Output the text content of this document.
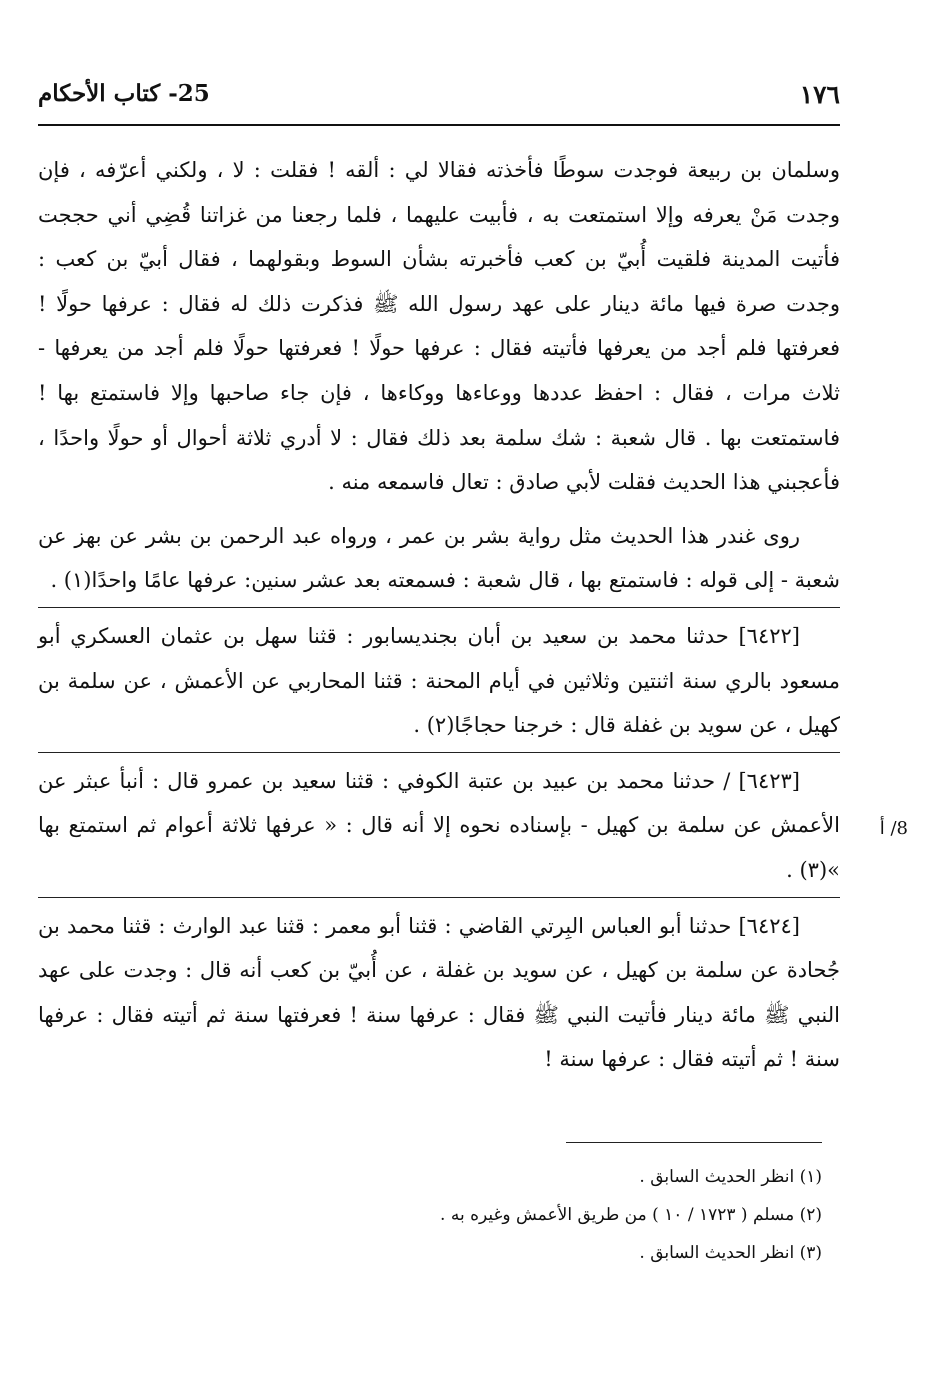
١٧٦
25- كتاب الأحكام

وسلمان بن ربيعة فوجدت سوطًا فأخذته فقالا لي : ألقه ! فقلت : لا ، ولكني أعرّفه ، فإن وجدت مَنْ يعرفه وإلا استمتعت به ، فأبيت عليهما ، فلما رجعنا من غزاتنا قُضِي أني حججت فأتيت المدينة فلقيت أُبيّ بن كعب فأخبرته بشأن السوط وبقولهما ، فقال أبيّ بن كعب : وجدت صرة فيها مائة دينار على عهد رسول الله ﷺ فذكرت ذلك له فقال : عرفها حولًا ! فعرفتها فلم أجد من يعرفها فأتيته فقال : عرفها حولًا ! فعرفتها حولًا فلم أجد من يعرفها - ثلاث مرات ، فقال : احفظ عددها ووعاءها ووكاءها ، فإن جاء صاحبها وإلا فاستمتع بها ! فاستمتعت بها . قال شعبة : شك سلمة بعد ذلك فقال : لا أدري ثلاثة أحوال أو حولًا واحدًا ، فأعجبني هذا الحديث فقلت لأبي صادق : تعال فاسمعه منه .

روى غندر هذا الحديث مثل رواية بشر بن عمر ، ورواه عبد الرحمن بن بشر عن بهز عن شعبة - إلى قوله : فاستمتع بها ، قال شعبة : فسمعته بعد عشر سنين: عرفها عامًا واحدًا(١) .

[٦٤٢٢] حدثنا محمد بن سعيد بن أبان بجنديسابور : قثنا سهل بن عثمان العسكري أبو مسعود بالري سنة اثنتين وثلاثين في أيام المحنة : قثنا المحاربي عن الأعمش ، عن سلمة بن كهيل ، عن سويد بن غفلة قال : خرجنا حجاجًا(٢) .

[٦٤٢٣] / حدثنا محمد بن عبيد بن عتبة الكوفي : قثنا سعيد بن عمرو قال : أنبأ عبثر عن الأعمش عن سلمة بن كهيل - بإسناده نحوه إلا أنه قال : « عرفها ثلاثة أعوام ثم استمتع بها »(٣) .

[٦٤٢٤] حدثنا أبو العباس البِرتي القاضي : قثنا أبو معمر : قثنا عبد الوارث : قثنا محمد بن جُحادة عن سلمة بن كهيل ، عن سويد بن غفلة ، عن أُبيّ بن كعب أنه قال : وجدت على عهد النبي ﷺ مائة دينار فأتيت النبي ﷺ فقال : عرفها سنة ! فعرفتها سنة ثم أتيته فقال : عرفها سنة ! ثم أتيته فقال : عرفها سنة !

8/ أ

(١) انظر الحديث السابق .

(٢) مسلم ( ١٧٢٣ / ١٠ ) من طريق الأعمش وغيره به .

(٣) انظر الحديث السابق .
